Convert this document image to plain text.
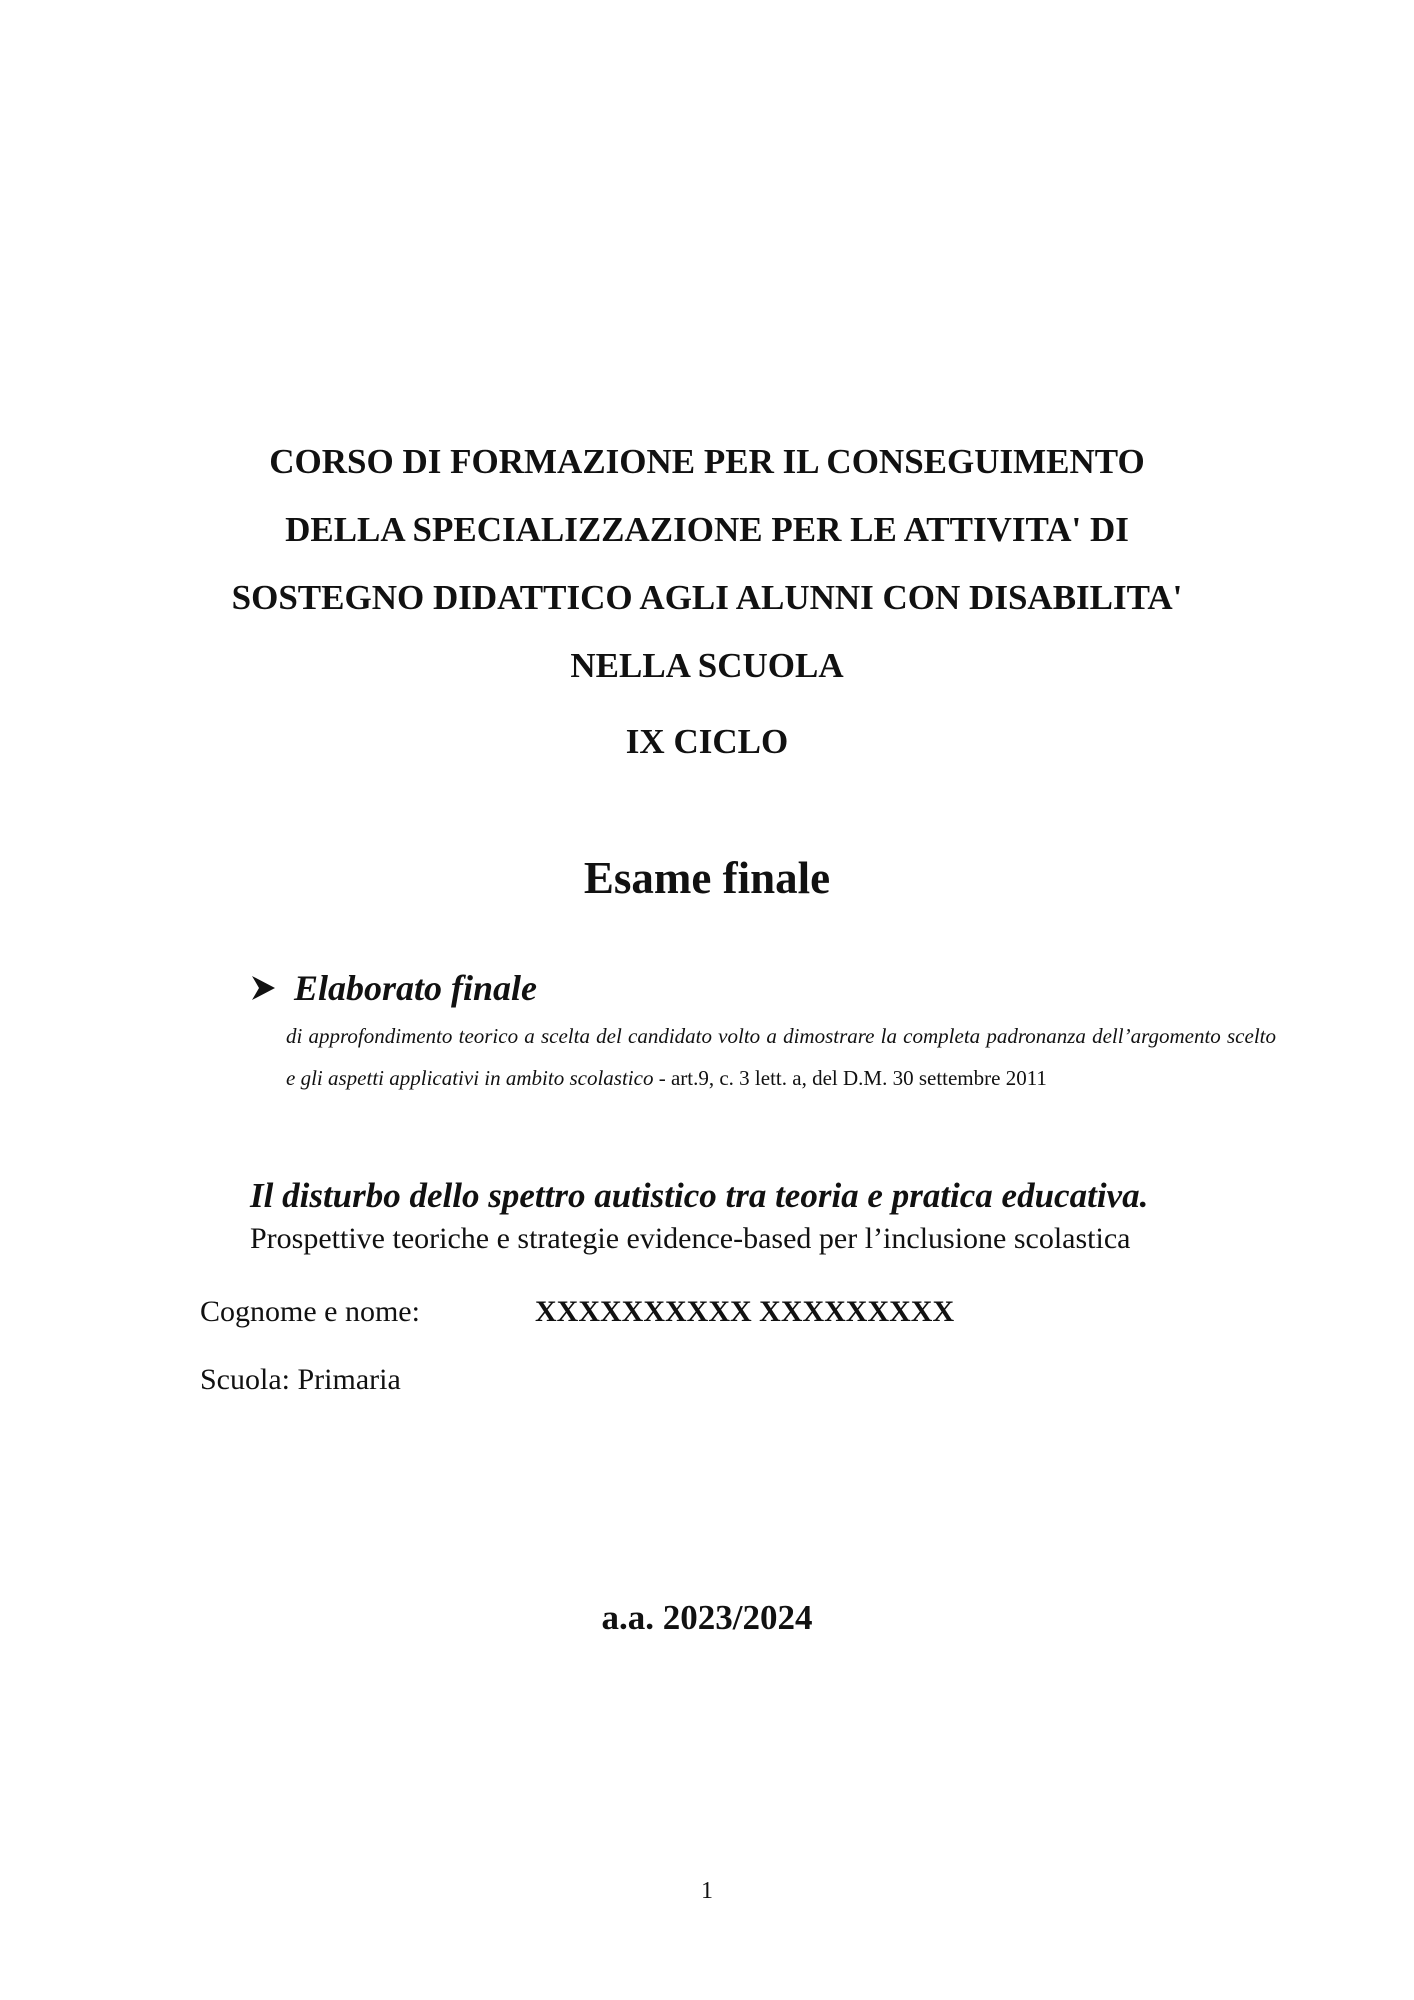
CORSO DI FORMAZIONE PER IL CONSEGUIMENTO
DELLA SPECIALIZZAZIONE PER LE ATTIVITA' DI
SOSTEGNO DIDATTICO AGLI ALUNNI CON DISABILITA'
NELLA SCUOLA
IX CICLO
Esame finale
Elaborato finale
di approfondimento teorico a scelta del candidato volto a dimostrare la completa padronanza dell’argomento scelto e gli aspetti applicativi in ambito scolastico - art.9, c. 3 lett. a, del D.M. 30 settembre 2011
Il disturbo dello spettro autistico tra teoria e pratica educativa.
Prospettive teoriche e strategie evidence-based per l’inclusione scolastica
Cognome e nome:	XXXXXXXXXX XXXXXXXXX
Scuola: Primaria
a.a. 2023/2024
1
